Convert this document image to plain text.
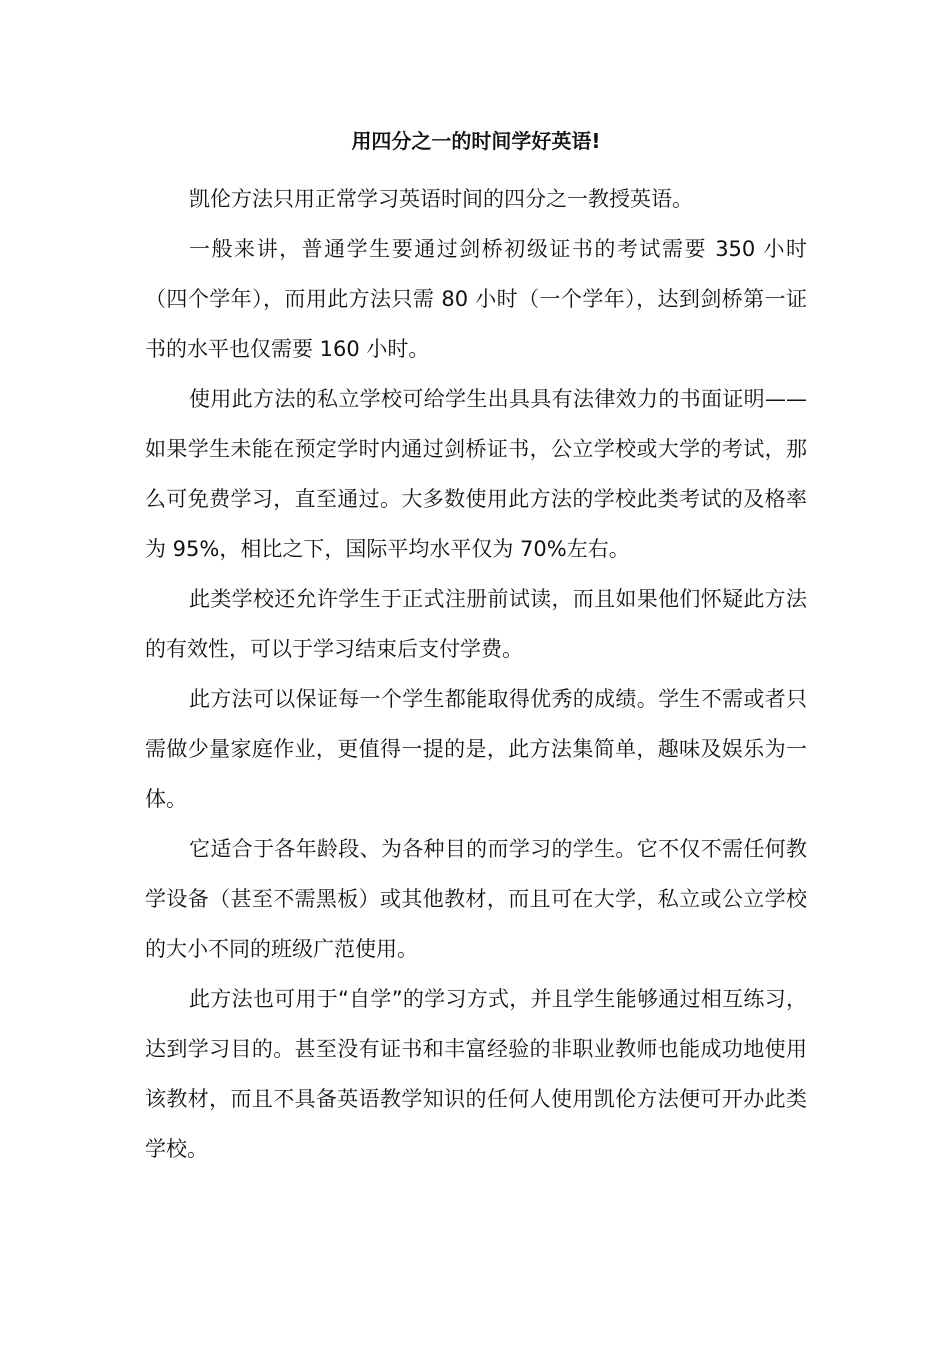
用四分之一的时间学好英语!

凯伦方法只用正常学习英语时间的四分之一教授英语。

一般来讲，普通学生要通过剑桥初级证书的考试需要 350 小时（四个学年），而用此方法只需 80 小时（一个学年），达到剑桥第一证书的水平也仅需要 160 小时。

使用此方法的私立学校可给学生出具具有法律效力的书面证明——如果学生未能在预定学时内通过剑桥证书，公立学校或大学的考试，那么可免费学习，直至通过。大多数使用此方法的学校此类考试的及格率为 95%，相比之下，国际平均水平仅为 70%左右。

此类学校还允许学生于正式注册前试读，而且如果他们怀疑此方法的有效性，可以于学习结束后支付学费。

此方法可以保证每一个学生都能取得优秀的成绩。学生不需或者只需做少量家庭作业，更值得一提的是，此方法集简单，趣味及娱乐为一体。

它适合于各年龄段、为各种目的而学习的学生。它不仅不需任何教学设备（甚至不需黑板）或其他教材，而且可在大学，私立或公立学校的大小不同的班级广范使用。

此方法也可用于“自学”的学习方式，并且学生能够通过相互练习，达到学习目的。甚至没有证书和丰富经验的非职业教师也能成功地使用该教材，而且不具备英语教学知识的任何人使用凯伦方法便可开办此类学校。
